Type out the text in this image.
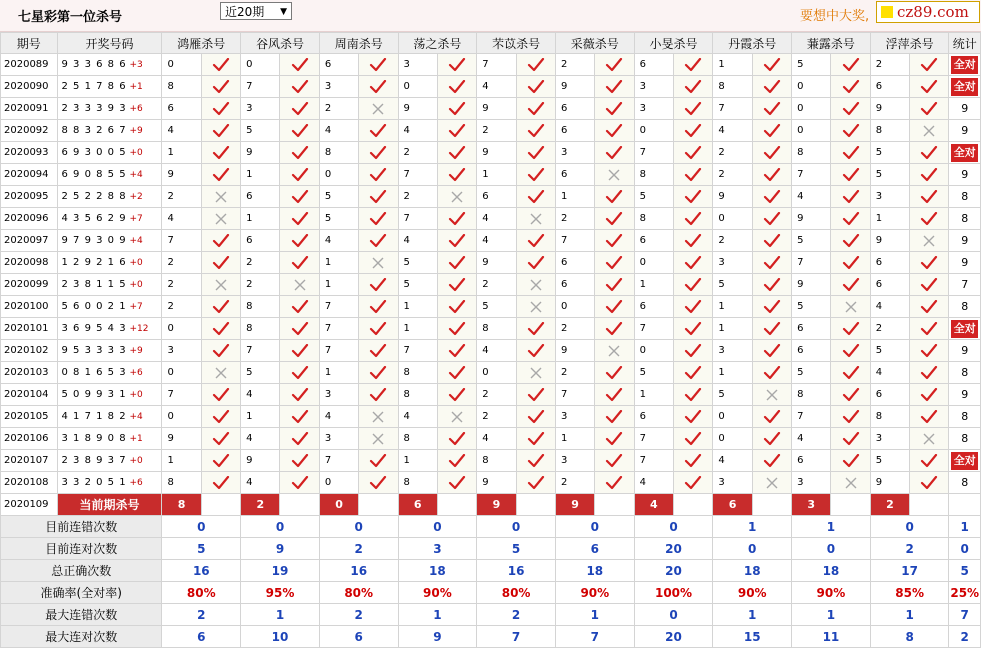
七星彩第一位杀号	近20期 ▼	要想中大奖, cz89.com
期号	开奖号码	鸿雁杀号		谷风杀号		周南杀号		荡之杀号		芣苡杀号		采薇杀号		小旻杀号		丹霞杀号		蒹露杀号		浮萍杀号		统计
2020089	9 3 3 6 8 6 +3	0		0		6		3		7		2		6		1		5		2		全对
2020090	2 5 1 7 8 6 +1	8		7		3		0		4		9		3		8		0		6		全对
2020091	2 3 3 3 9 3 +6	6		3		2		9		9		6		3		7		0		9		9
2020092	8 8 3 2 6 7 +9	4		5		4		4		2		6		0		4		0		8		9
2020093	6 9 3 0 0 5 +0	1		9		8		2		9		3		7		2		8		5		全对
2020094	6 9 0 8 5 5 +4	9		1		0		7		1		6		8		2		7		5		9
2020095	2 5 2 2 8 8 +2	2		6		5		2		6		1		5		9		4		3		8
2020096	4 3 5 6 2 9 +7	4		1		5		7		4		2		8		0		9		1		8
2020097	9 7 9 3 0 9 +4	7		6		4		4		4		7		6		2		5		9		9
2020098	1 2 9 2 1 6 +0	2		2		1		5		9		6		0		3		7		6		9
2020099	2 3 8 1 1 5 +0	2		2		1		5		2		6		1		5		9		6		7
2020100	5 6 0 0 2 1 +7	2		8		7		1		5		0		6		1		5		4		8
2020101	3 6 9 5 4 3 +12	0		8		7		1		8		2		7		1		6		2		全对
2020102	9 5 3 3 3 3 +9	3		7		7		7		4		9		0		3		6		5		9
2020103	0 8 1 6 5 3 +6	0		5		1		8		0		2		5		1		5		4		8
2020104	5 0 9 9 3 1 +0	7		4		3		8		2		7		1		5		8		6		9
2020105	4 1 7 1 8 2 +4	0		1		4		4		2		3		6		0		7		8		8
2020106	3 1 8 9 0 8 +1	9		4		3		8		4		1		7		0		4		3		8
2020107	2 3 8 9 3 7 +0	1		9		7		1		8		3		7		4		6		5		全对
2020108	3 3 2 0 5 1 +6	8		4		0		8		9		2		4		3		3		9		8
2020109	当前期杀号	8		2		0		6		9		9		4		6		3		2		
目前连错次数		0		0		0		0		0		0		0		1		1		0		1
目前连对次数		5		9		2		3		5		6		20		0		0		2		0
总正确次数		16		19		16		18		16		18		20		18		18		17		5
准确率(全对率)		80%		95%		80%		90%		80%		90%		100%		90%		90%		85%		25%
最大连错次数		2		1		2		1		2		1		0		1		1		1		7
最大连对次数		6		10		6		9		7		7		20		15		11		8		2
